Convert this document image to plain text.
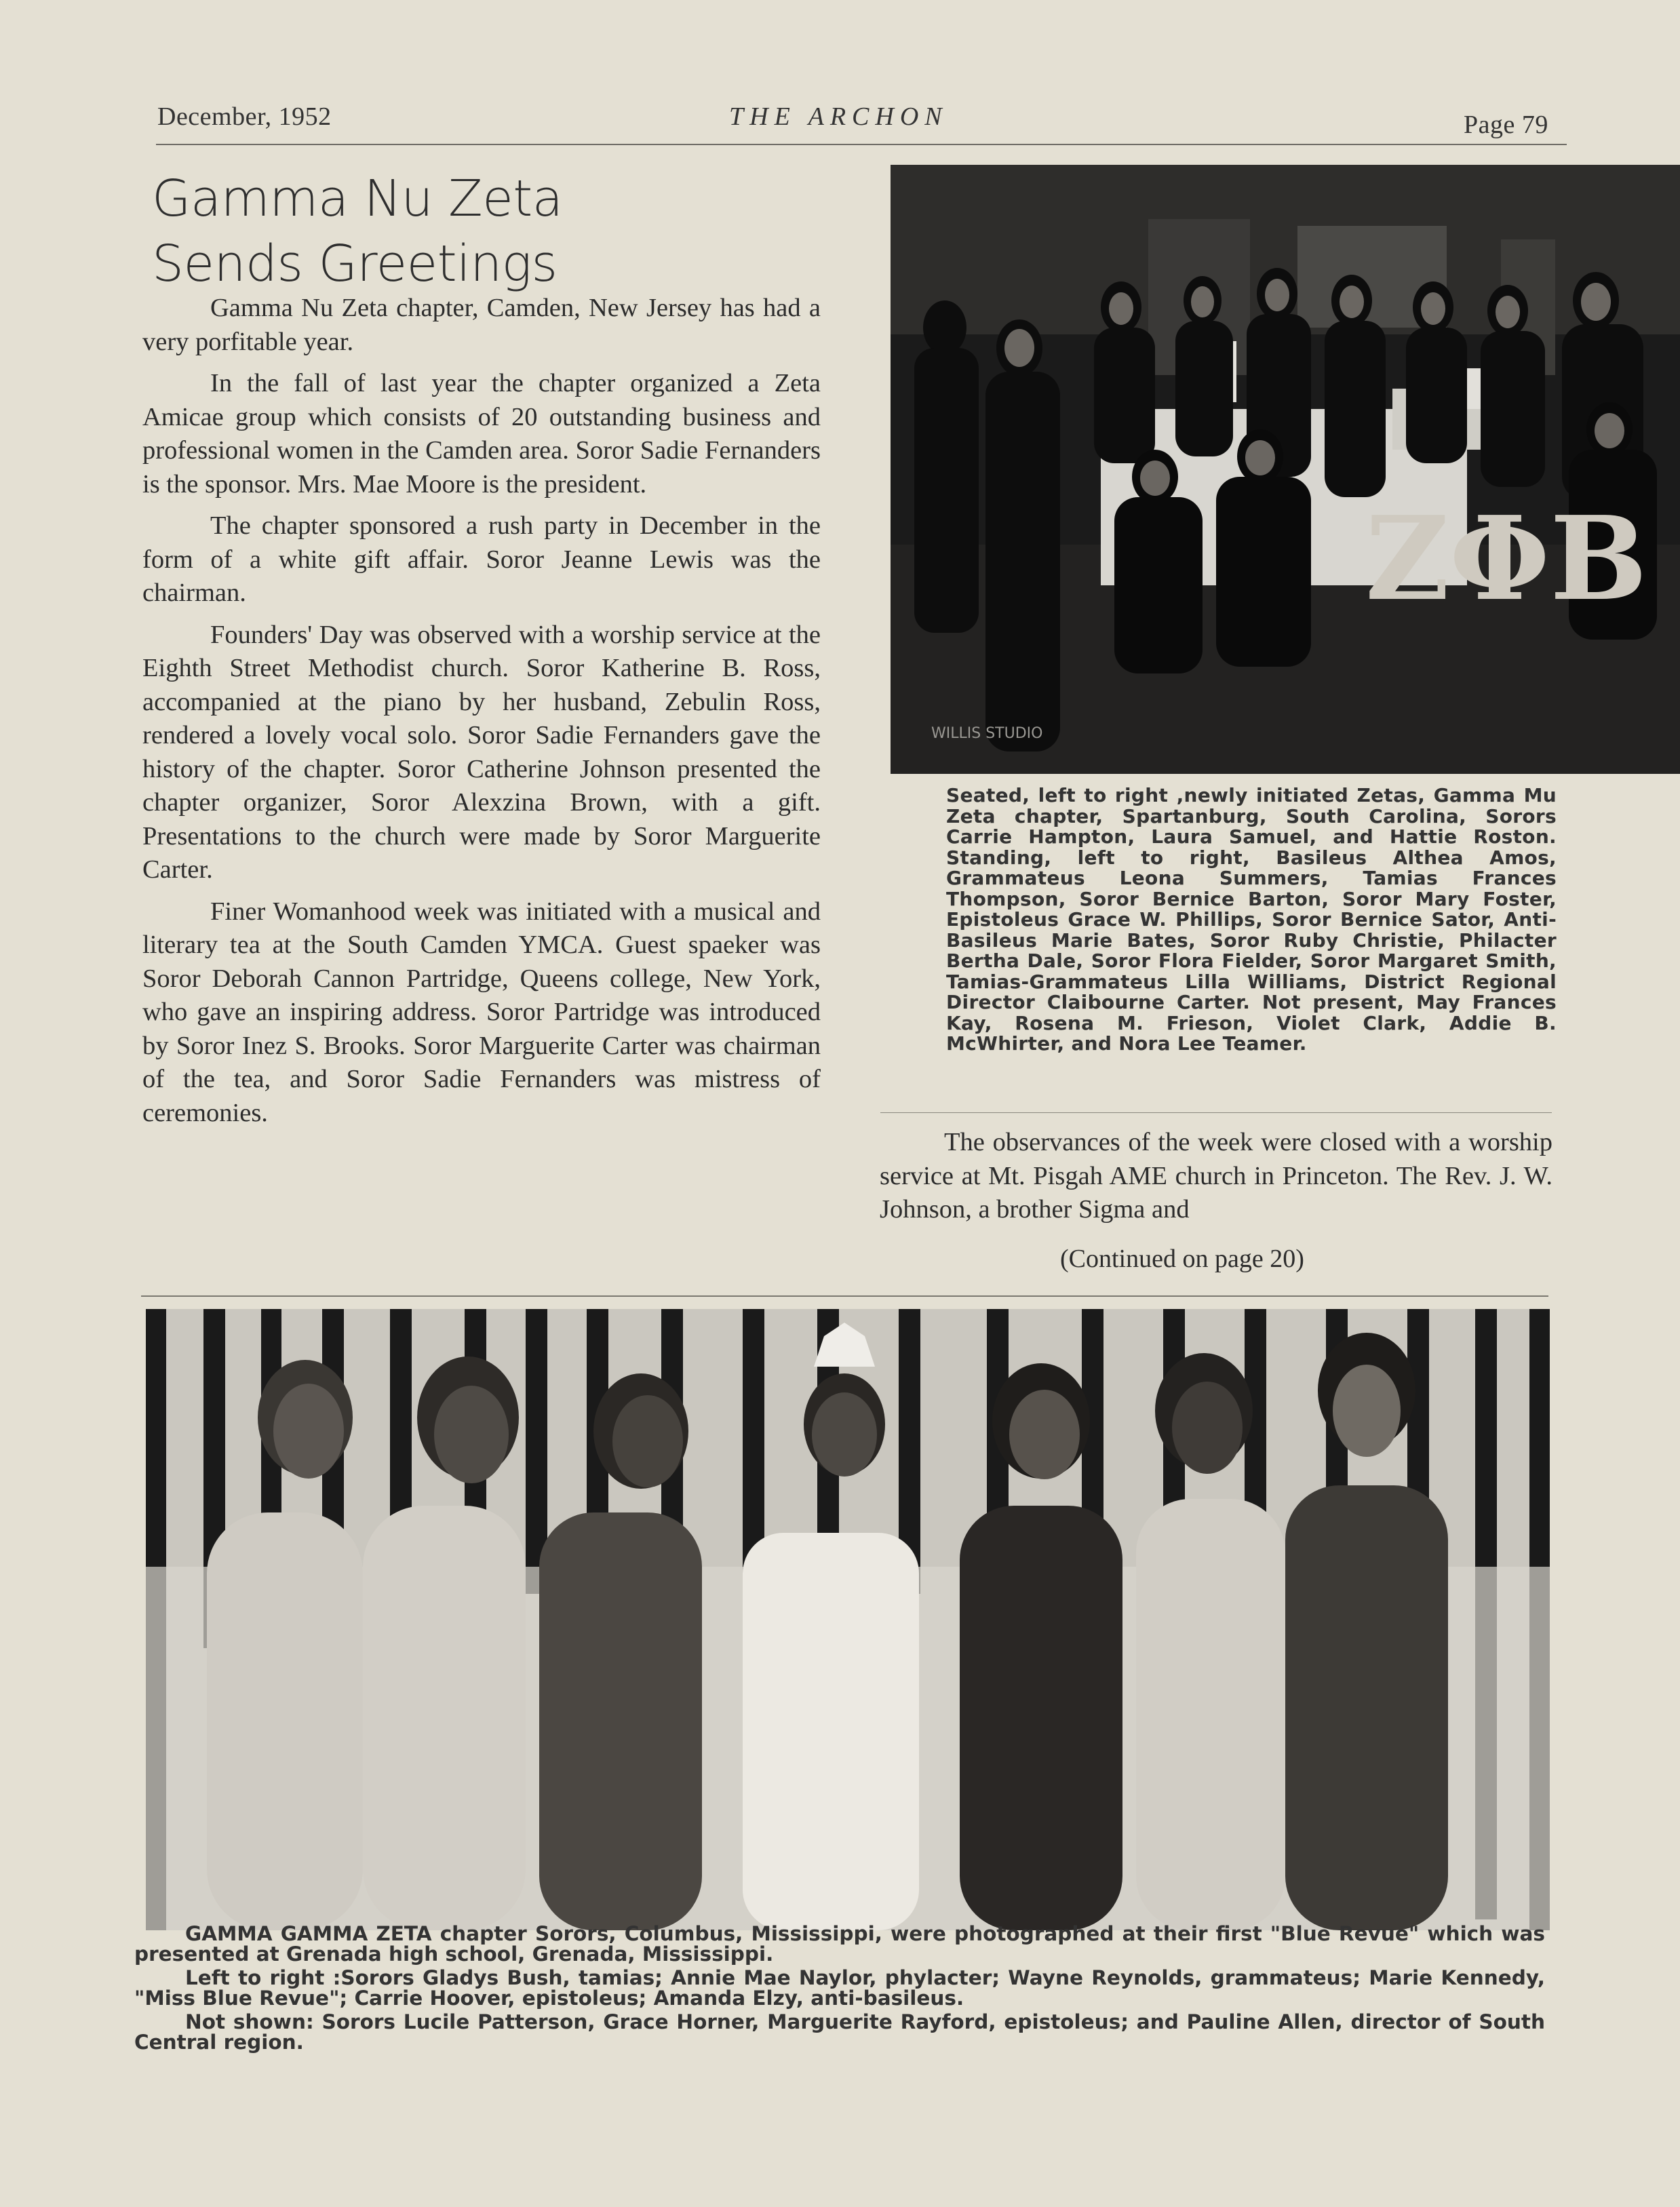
December, 1952	THE ARCHON	Page 79
Gamma Nu Zeta
Sends Greetings

Gamma Nu Zeta chapter, Camden, New Jersey has had a very porfitable year.

In the fall of last year the chapter organized a Zeta Amicae group which consists of 20 outstanding business and professional women in the Camden area. Soror Sadie Fernanders is the sponsor. Mrs. Mae Moore is the president.

The chapter sponsored a rush party in December in the form of a white gift affair. Soror Jeanne Lewis was the chairman.

Founders' Day was observed with a worship service at the Eighth Street Methodist church. Soror Katherine B. Ross, accompanied at the piano by her husband, Zebulin Ross, rendered a lovely vocal solo. Soror Sadie Fernanders gave the history of the chapter. Soror Catherine Johnson presented the chapter organizer, Soror Alexzina Brown, with a gift. Presentations to the church were made by Soror Marguerite Carter.

Finer Womanhood week was initiated with a musical and literary tea at the South Camden YMCA. Guest spaeker was Soror Deborah Cannon Partridge, Queens college, New York, who gave an inspiring address. Soror Partridge was introduced by Soror Inez S. Brooks. Soror Marguerite Carter was chairman of the tea, and Soror Sadie Fernanders was mistress of ceremonies.

ZΦB
WILLIS STUDIO
Seated, left to right ,newly initiated Zetas, Gamma Mu Zeta chapter, Spartanburg, South Carolina, Sorors Carrie Hampton, Laura Samuel, and Hattie Roston. Standing, left to right, Basileus Althea Amos, Grammateus Leona Summers, Tamias Frances Thompson, Soror Bernice Barton, Soror Mary Foster, Epistoleus Grace W. Phillips, Soror Bernice Sator, Anti-Basileus Marie Bates, Soror Ruby Christie, Philacter Bertha Dale, Soror Flora Fielder, Soror Margaret Smith, Tamias-Grammateus Lilla Williams, District Regional Director Claibourne Carter. Not present, May Frances Kay, Rosena M. Frieson, Violet Clark, Addie B. McWhirter, and Nora Lee Teamer.

The observances of the week were closed with a worship service at Mt. Pisgah AME church in Princeton. The Rev. J. W. Johnson, a brother Sigma and

(Continued on page 20)

GAMMA GAMMA ZETA chapter Sorors, Columbus, Mississippi, were photographed at their first "Blue Revue" which was presented at Grenada high school, Grenada, Mississippi.

Left to right :Sorors Gladys Bush, tamias; Annie Mae Naylor, phylacter; Wayne Reynolds, grammateus; Marie Kennedy, "Miss Blue Revue"; Carrie Hoover, epistoleus; Amanda Elzy, anti-basileus.

Not shown: Sorors Lucile Patterson, Grace Horner, Marguerite Rayford, epistoleus; and Pauline Allen, director of South Central region.
